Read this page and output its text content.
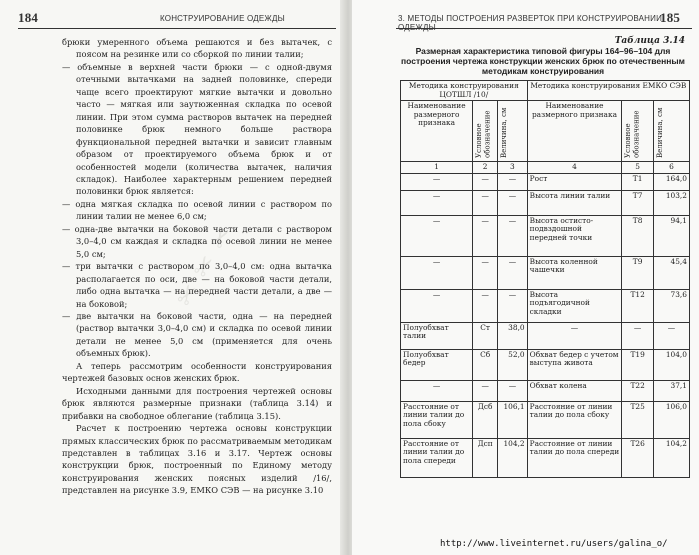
184	КОНСТРУИРОВАНИЕ ОДЕЖДЫ
✂ ✂ ✂

брюки умеренного объема решаются и без вытачек, с поясом на резинке или со сборкой по линии талии;

— объемные в верхней части брюки — с одной-двумя отечными вытачками на задней половинке, спереди чаще всего проектируют мягкие вытачки и довольно часто — мягкая или заутюженная складка по осевой линии. При этом сумма растворов вытачек на передней половинке брюк немного больше раствора функциональной передней вытачки и зависит главным образом от проектируемого объема брюк и от особенностей модели (количества вытачек, наличия складок). Наиболее характерным решением передней половинки брюк является:

— одна мягкая складка по осевой линии с раствором по линии талии не менее 6,0 см;

— одна-две вытачки на боковой части детали с раствором 3,0–4,0 см каждая и складка по осевой линии не менее 5,0 см;

— три вытачки с раствором по 3,0–4,0 см: одна вытачка располагается по оси, две — на боковой части детали, либо одна вытачка — на передней части детали, а две — на боковой;

— две вытачки на боковой части, одна — на передней (раствор вытачки 3,0–4,0 см) и складка по осевой линии детали не менее 5,0 см (применяется для очень объемных брюк).

А теперь рассмотрим особенности конструирования чертежей базовых основ женских брюк.

Исходными данными для построения чертежей основы брюк являются размерные признаки (таблица 3.14) и прибавки на свободное облегание (таблица 3.15).

Расчет к построению чертежа основы конструкции прямых классических брюк по рассматриваемым методикам представлен в таблицах 3.16 и 3.17. Чертеж основы конструкции брюк, построенный по Единому методу конструирования женских поясных изделий /16/, представлен на рисунке 3.9, ЕМКО СЭВ — на рисунке 3.10

3. МЕТОДЫ ПОСТРОЕНИЯ РАЗВЕРТОК ПРИ КОНСТРУИРОВАНИИ
185
Таблица 3.14
Размерная характеристика типовой фигуры 164–96–104 для построения чертежа конструкции женских брюк по отечественным методикам конструирования
Методика конструирования ЦОТШЛ /10/			Методика конструирования ЕМКО СЭВ		
Наименование размерного признака	Условное обозначение	Величина, см	Наименование размерного признака	Условное обозначение	Величина, см

1	2	3	4	5	6
—	—	—	Рост	Т1	164,0
—	—	—	Высота линии талии	Т7	103,2
—	—	—	Высота остисто-подвздошной передней точки	Т8	94,1
—	—	—	Высота коленной чашечки	Т9	45,4
—	—	—	Высота подъягодичной складки	Т12	73,6
Полуобхват талии	Ст	38,0	—	—	—
Полуобхват бедер	Сб	52,0	Обхват бедер с учетом выступа живота	Т19	104,0
—	—	—	Обхват колена	Т22	37,1
Расстояние от линии талии до пола сбоку	Дсб	106,1	Расстояние от линии талии до пола сбоку	Т25	106,0
Расстояние от линии талии до пола спереди	Дсп	104,2	Расстояние от линии талии до пола спереди	Т26	104,2
http://www.liveinternet.ru/users/galina_o/
